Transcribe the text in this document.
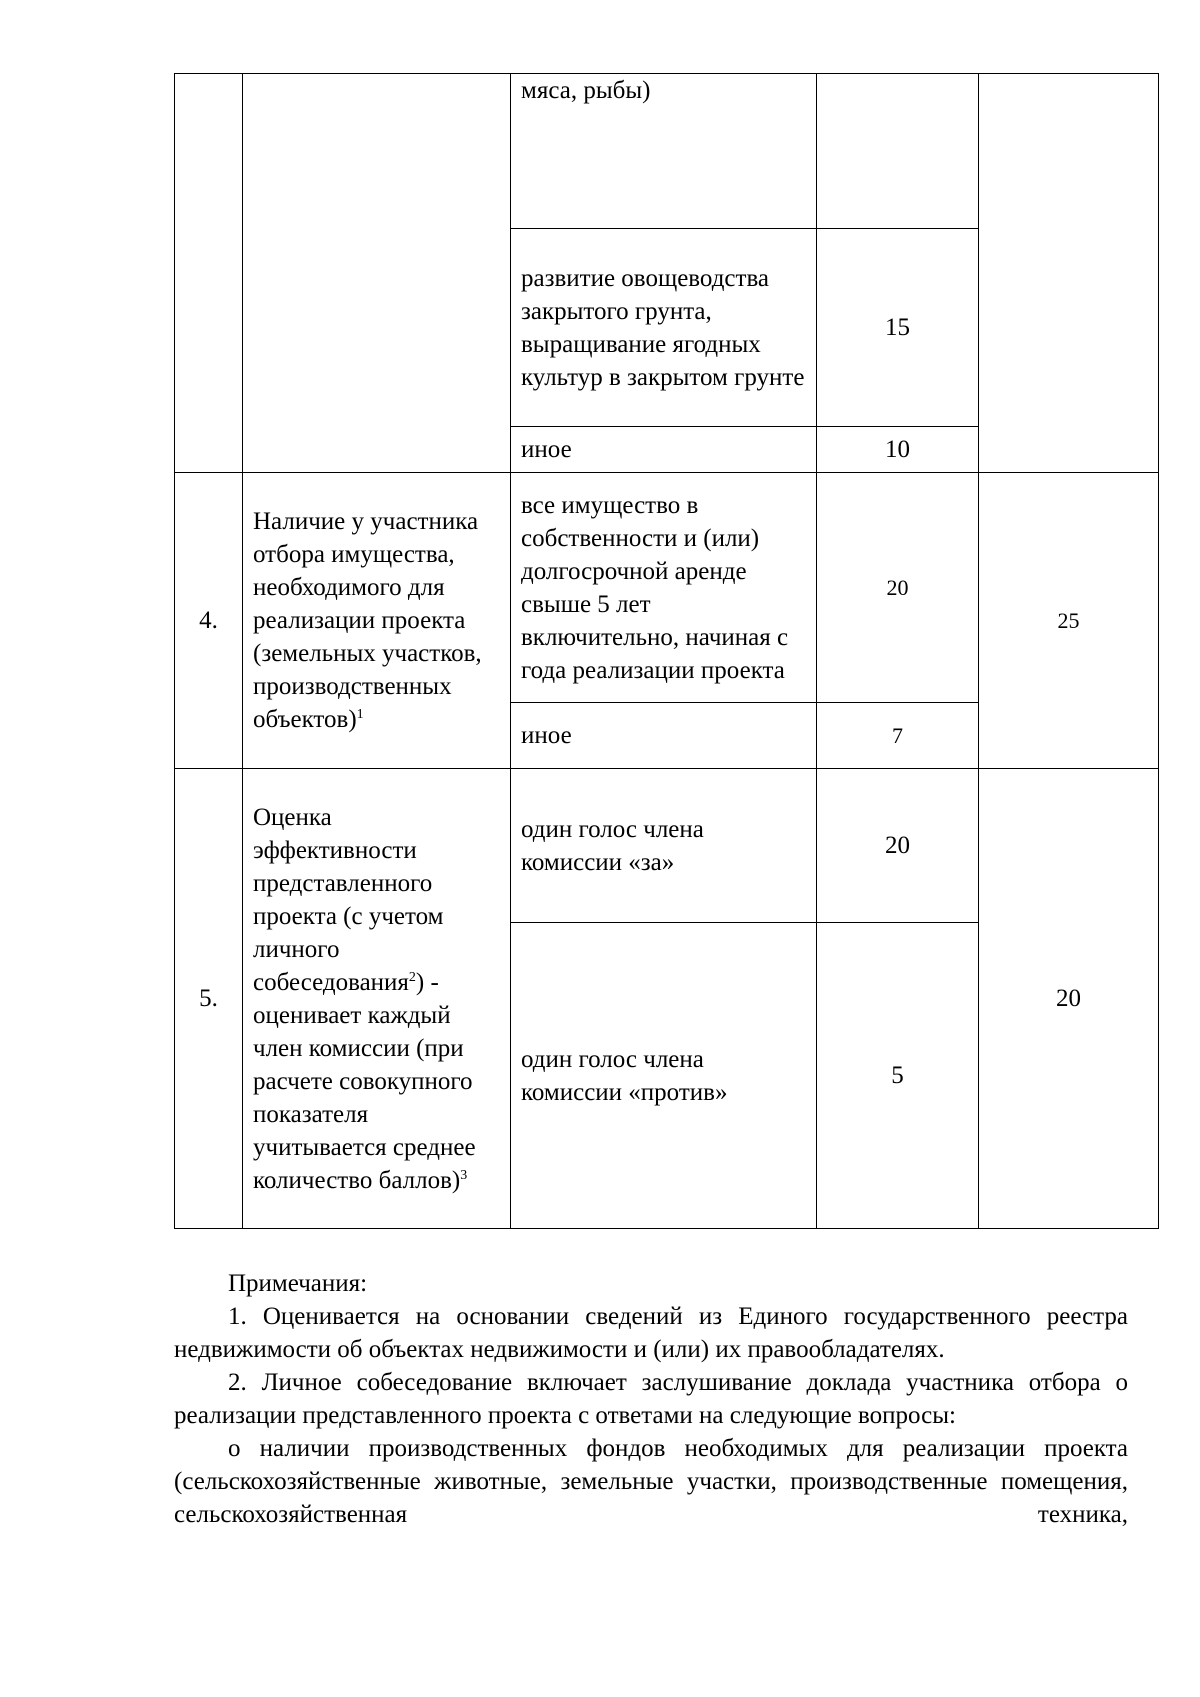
		мяса, рыбы)		
		развитие овощеводства закрытого грунта, выращивание ягодных культур в закрытом грунте	15	
		иное	10	
4.	Наличие у участника отбора имущества, необходимого для реализации проекта (земельных участков, производственных объектов)$^1$	все имущество в собственности и (или) долгосрочной аренде свыше 5 лет включительно, начиная с года реализации проекта	20	25
		иное	7	
5.	Оценка эффективности представленного проекта (с учетом личного собеседования$^2$) - оценивает каждый член комиссии (при расчете совокупного показателя учитывается среднее количество баллов)$^3$	один голос члена комиссии «за»	20	20
		один голос члена комиссии «против»	5	

Примечания:

1. Оценивается на основании сведений из Единого государственного реестра недвижимости об объектах недвижимости и (или) их правообладателях.

2. Личное собеседование включает заслушивание доклада участника отбора о реализации представленного проекта с ответами на следующие вопросы:

о наличии производственных фондов необходимых для реализации проекта (сельскохозяйственные животные, земельные участки, производственные помещения, сельскохозяйственная техника,
